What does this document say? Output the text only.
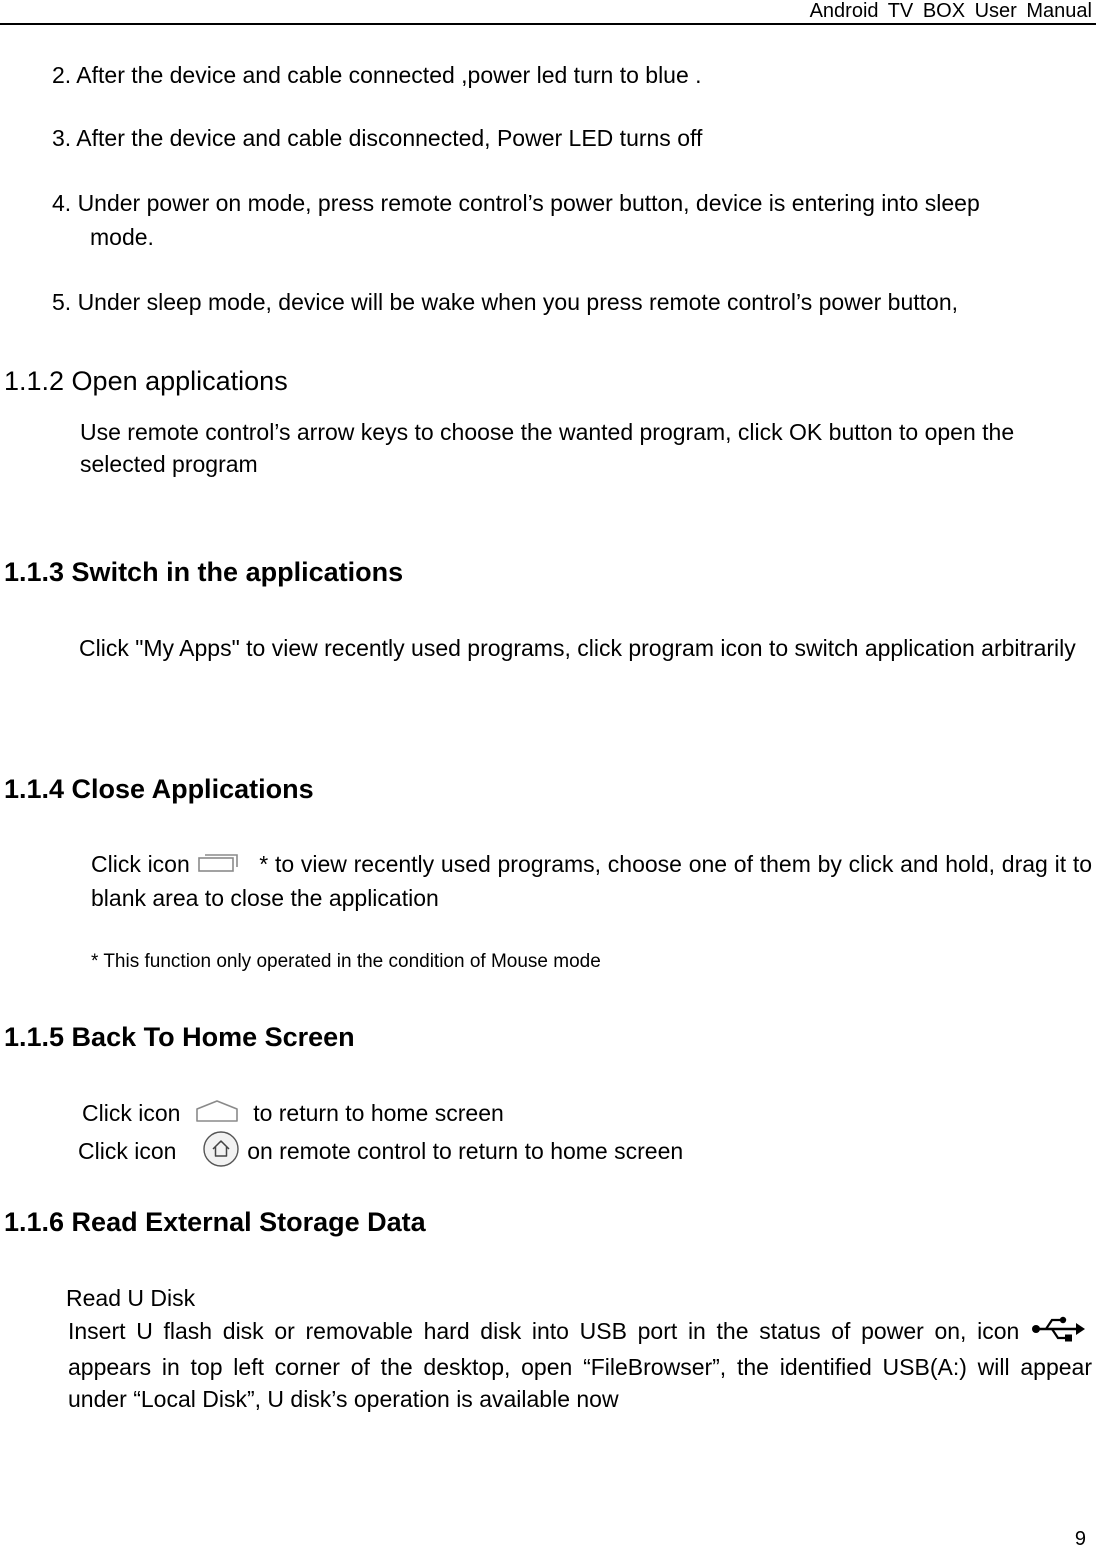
Android TV BOX User Manual
2. After the device and cable connected ,power led turn to blue .
3. After the device and cable disconnected, Power LED turns off
4. Under power on mode, press remote control’s power button, device is entering into sleep
mode.
5. Under sleep mode, device will be wake when you press remote control’s power button,
1.1.2 Open applications
Use remote control’s arrow keys to choose the wanted program, click OK button to open the
selected program
1.1.3 Switch in the applications
Click "My Apps" to view recently used programs, click program icon to switch application arbitrarily
1.1.4 Close Applications
Click icon	* to view recently used programs, choose one of them by click and hold, drag it to blank area to close the application
* This function only operated in the condition of Mouse mode
1.1.5 Back To Home Screen
Click icon	to return to home screen
Click icon	on remote control to return to home screen
1.1.6 Read External Storage Data
Read U Disk
Insert U flash disk or removable hard disk into USB port in the status of power on, icon  appears in top left corner of the desktop, open “FileBrowser”, the identified USB(A:) will appear under “Local Disk”, U disk’s operation is available now
9
